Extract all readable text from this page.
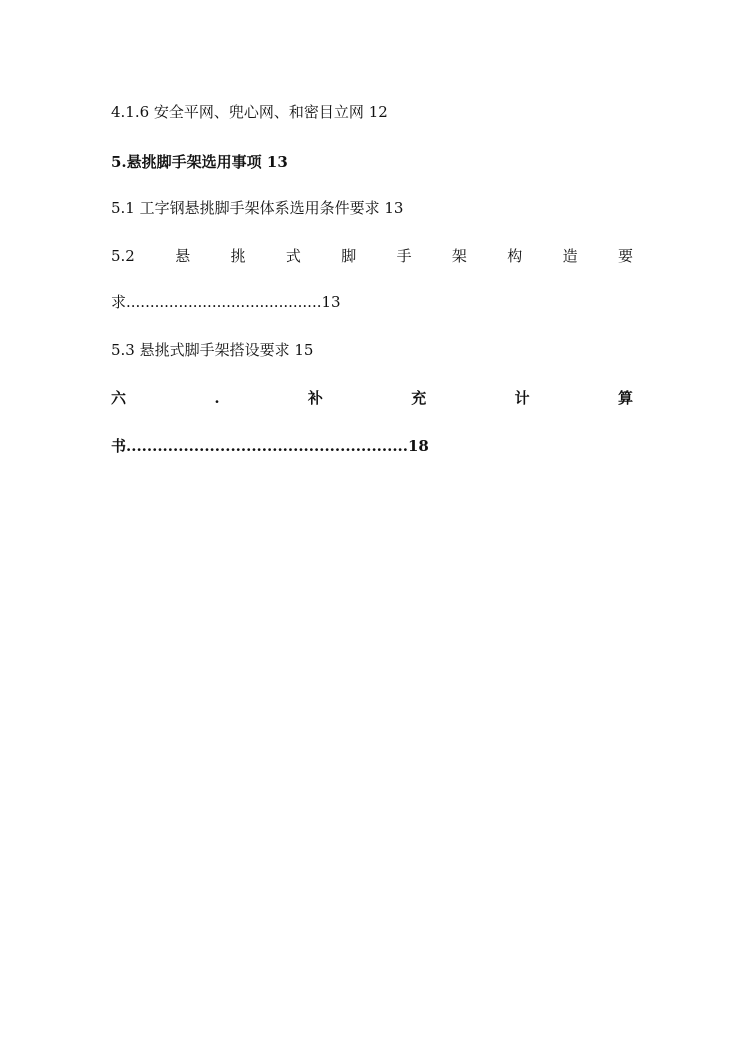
4.1.6 安全平网、兜心网、和密目立网 12
5.悬挑脚手架选用事项 13
5.1 工字钢悬挑脚手架体系选用条件要求 13
5.2	悬	挑	式	脚	手	架	构	造	要
求.........................................13
5.3 悬挑式脚手架搭设要求 15
六	.	补	充	计	算
书......................................................18
